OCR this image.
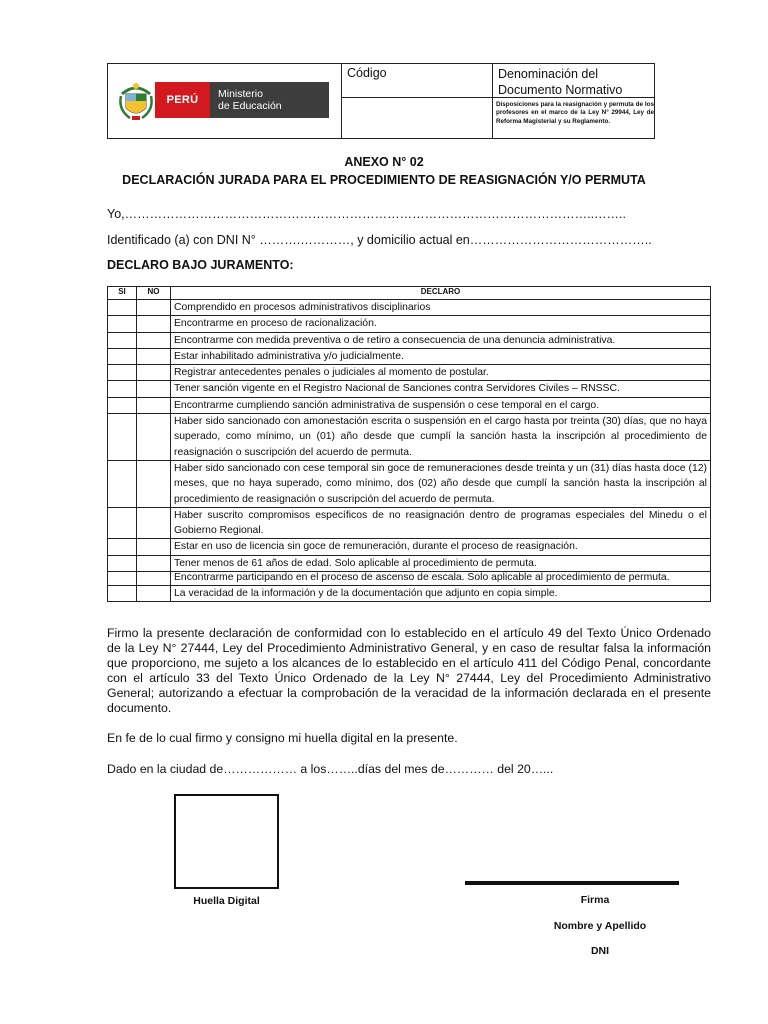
PERÚ	Ministerio
de Educación
Código	Denominación del Documento Normativo
Disposiciones para la reasignación y permuta de los profesores en el marco de la Ley N° 29944, Ley de Reforma Magisterial y su Reglamento.
ANEXO N° 02
DECLARACIÓN JURADA PARA EL PROCEDIMIENTO DE REASIGNACIÓN Y/O PERMUTA
Yo,…………………………………………………………………………………………………..……..
Identificado (a) con DNI N° ……….…………, y domicilio actual en……………………………………..
DECLARO BAJO JURAMENTO:
SI	NO	DECLARO
		Comprendido en procesos administrativos disciplinarios
		Encontrarme en proceso de racionalización.
		Encontrarme con medida preventiva o de retiro a consecuencia de una denuncia administrativa.
		Estar inhabilitado administrativa y/o judicialmente.
		Registrar antecedentes penales o judiciales al momento de postular.
		Tener sanción vigente en el Registro Nacional de Sanciones contra Servidores Civiles – RNSSC.
		Encontrarme cumpliendo sanción administrativa de suspensión o cese temporal en el cargo.
		Haber sido sancionado con amonestación escrita o suspensión en el cargo hasta por treinta (30) días, que no haya superado, como mínimo, un (01) año desde que cumplí la sanción hasta la inscripción al procedimiento de reasignación o suscripción del acuerdo de permuta.
		Haber sido sancionado con cese temporal sin goce de remuneraciones desde treinta y un (31) días hasta doce (12) meses, que no haya superado, como mínimo, dos (02) año desde que cumplí la sanción hasta la inscripción al procedimiento de reasignación o suscripción del acuerdo de permuta.
		Haber suscrito compromisos específicos de no reasignación dentro de programas especiales del Minedu o el Gobierno Regional.
		Estar en uso de licencia sin goce de remuneración, durante el proceso de reasignación.
		Tener menos de 61 años de edad. Solo aplicable al procedimiento de permuta.
		Encontrarme participando en el proceso de ascenso de escala. Solo aplicable al procedimiento de permuta.
		La veracidad de la información y de la documentación que adjunto en copia simple.
Firmo la presente declaración de conformidad con lo establecido en el artículo 49 del Texto Único Ordenado de la Ley N° 27444, Ley del Procedimiento Administrativo General, y en caso de resultar falsa la información que proporciono, me sujeto a los alcances de lo establecido en el artículo 411 del Código Penal, concordante con el artículo 33 del Texto Único Ordenado de la Ley N° 27444, Ley del Procedimiento Administrativo General; autorizando a efectuar la comprobación de la veracidad de la información declarada en el presente documento.
En fe de lo cual firmo y consigno mi huella digital en la presente.
Dado en la ciudad de……………… a los……..días del mes de………… del 20…...
Huella Digital	Firma
Nombre y Apellido
DNI
